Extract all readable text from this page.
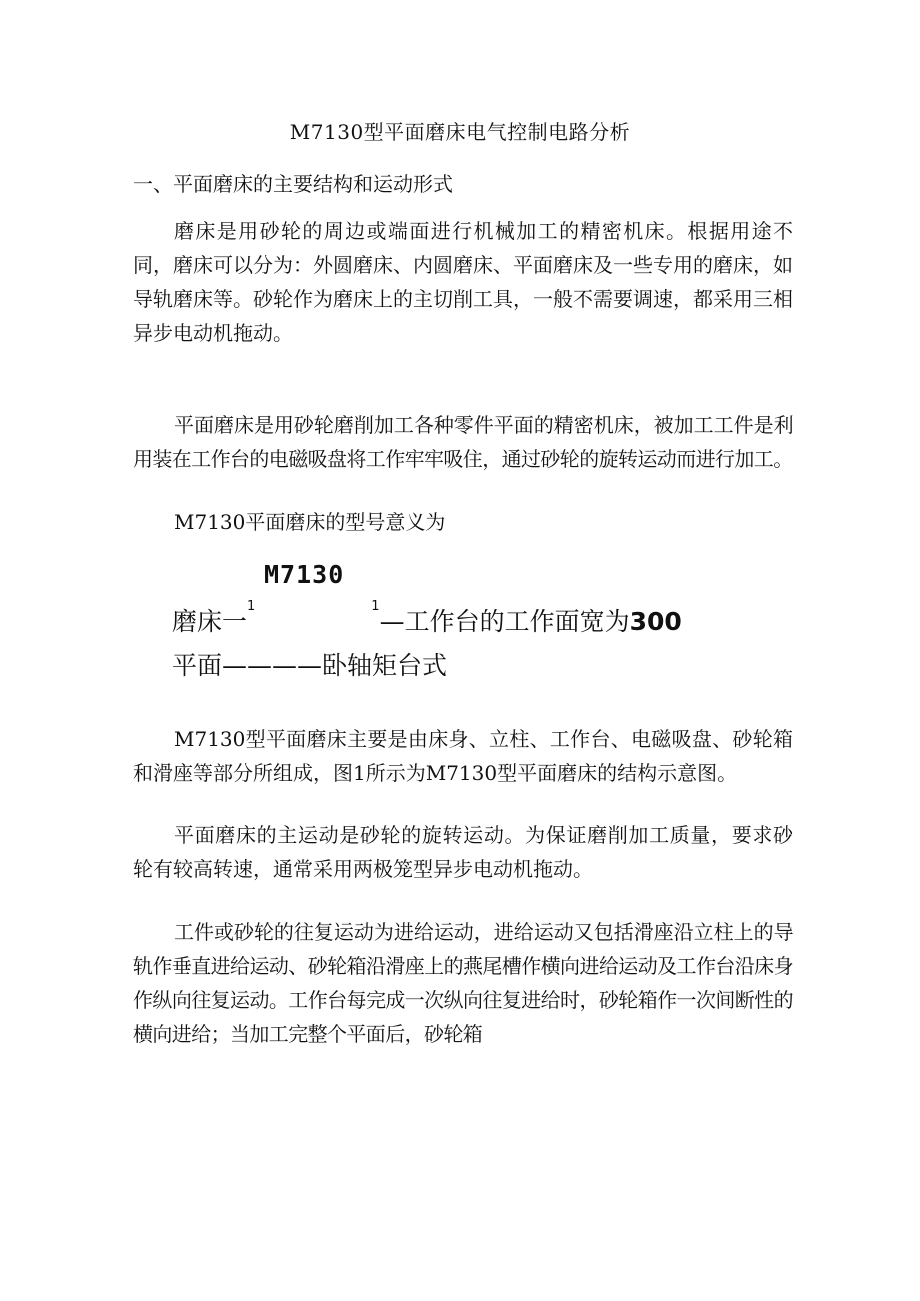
M7130型平面磨床电气控制电路分析
一、平面磨床的主要结构和运动形式

磨床是用砂轮的周边或端面进行机械加工的精密机床。根据用途不同，磨床可以分为：外圆磨床、内圆磨床、平面磨床及一些专用的磨床，如导轨磨床等。砂轮作为磨床上的主切削工具，一般不需要调速，都采用三相异步电动机拖动。

平面磨床是用砂轮磨削加工各种零件平面的精密机床，被加工工件是利用装在工作台的电磁吸盘将工作牢牢吸住，通过砂轮的旋转运动而进行加工。

M7130平面磨床的型号意义为
M7130
磨床一$^1$	$^1$—工作台的工作面宽为300
平面————卧轴矩台式

M7130型平面磨床主要是由床身、立柱、工作台、电磁吸盘、砂轮箱和滑座等部分所组成，图1所示为M7130型平面磨床的结构示意图。

平面磨床的主运动是砂轮的旋转运动。为保证磨削加工质量，要求砂轮有较高转速，通常采用两极笼型异步电动机拖动。

工件或砂轮的往复运动为进给运动，进给运动又包括滑座沿立柱上的导轨作垂直进给运动、砂轮箱沿滑座上的燕尾槽作横向进给运动及工作台沿床身作纵向往复运动。工作台每完成一次纵向往复进给时，砂轮箱作一次间断性的横向进给；当加工完整个平面后，砂轮箱
